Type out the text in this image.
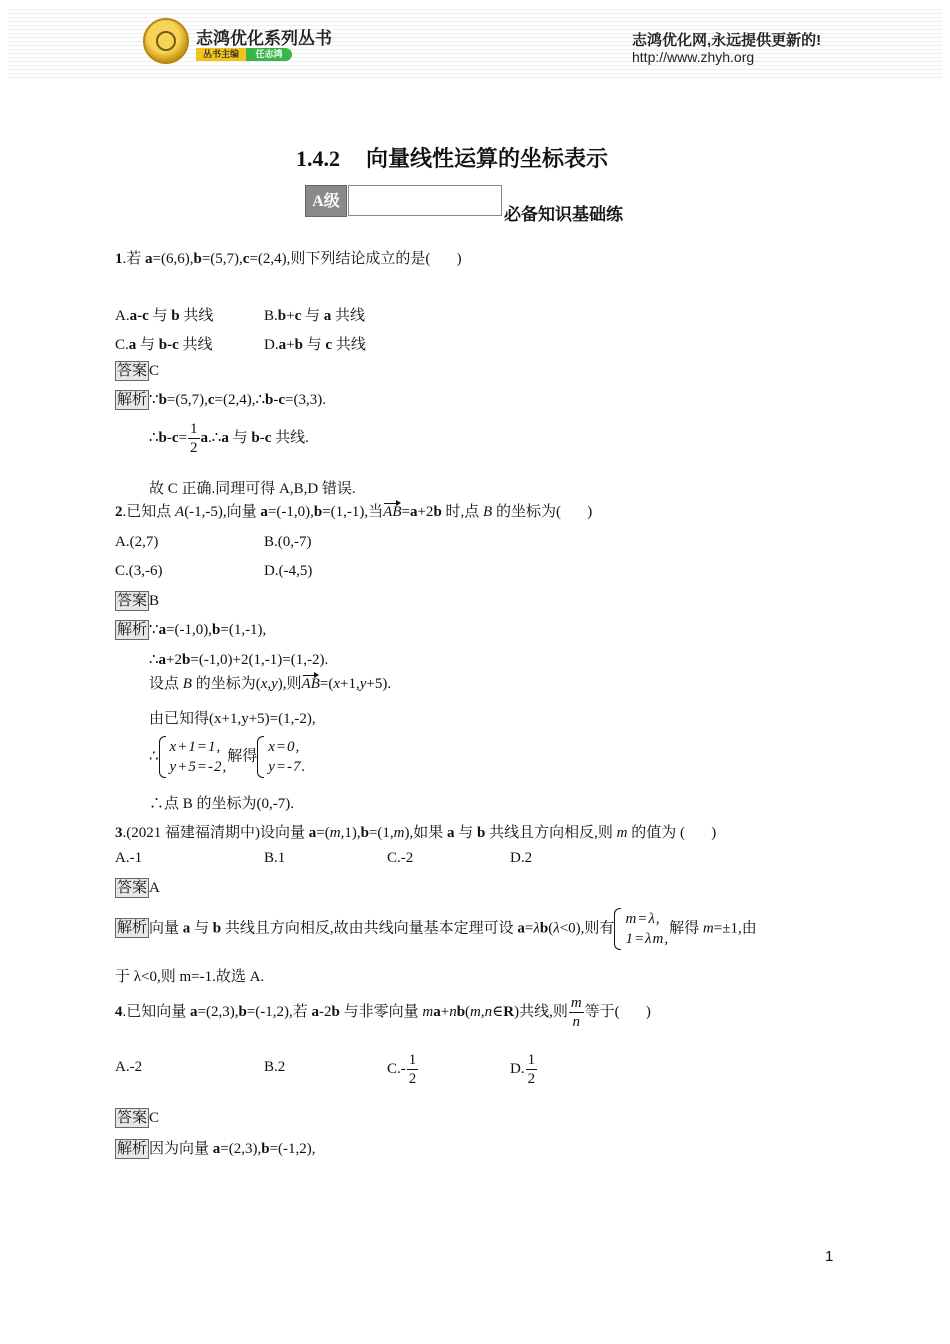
志鸿优化系列丛书
丛书主编	任志鸿
志鸿优化网,永远提供更新的!
http://www.zhyh.org
1.4.2 向量线性运算的坐标表示
A级
必备知识基础练
1.若 a=(6,6),b=(5,7),c=(2,4),则下列结论成立的是(       )
A.a-c 与 b 共线	B.b+c 与 a 共线
C.a 与 b-c 共线	D.a+b 与 c 共线
答案 C
解析 ∵b=(5,7),c=(2,4),∴b-c=(3,3).
∴b-c= $\frac{1}{2}$ a.∴a 与 b-c 共线.
故 C 正确.同理可得 A,B,D 错误.
2.已知点 A(-1,-5),向量 a=(-1,0),b=(1,-1),当AB=a+2b 时,点 B 的坐标为(       )
A.(2,7)	B.(0,-7)
C.(3,-6)	D.(-4,5)
答案 B
解析 ∵a=(-1,0),b=(1,-1),
∴a+2b=(-1,0)+2(1,-1)=(1,-2).
设点 B 的坐标为(x,y),则AB=(x+1,y+5).
由已知得(x+1,y+5)=(1,-2),
∴
x+1=1,
y+5=-2,
解得
x=0,
y=-7.
∴点 B 的坐标为(0,-7).
3.(2021 福建福清期中)设向量 a=(m,1),b=(1,m),如果 a 与 b 共线且方向相反,则 m 的值为 (       )
A.-1	B.1	C.-2	D.2
答案 A
解析 向量 a 与 b 共线且方向相反,故由共线向量基本定理可设 a=λb(λ<0),则有
m=λ,
1=λm,
解得 m=±1,由
于 λ<0,则 m=-1.故选 A.
4.已知向量 a=(2,3),b=(-1,2),若 a-2b 与非零向量 ma+nb(m,n∈R)共线,则 $\frac{m}{n}$ 等于(       )
A.-2	B.2	$C.- \frac{1}{2}$	D. $\frac{1}{2}$
答案 C
解析 因为向量 a=(2,3),b=(-1,2),
1
